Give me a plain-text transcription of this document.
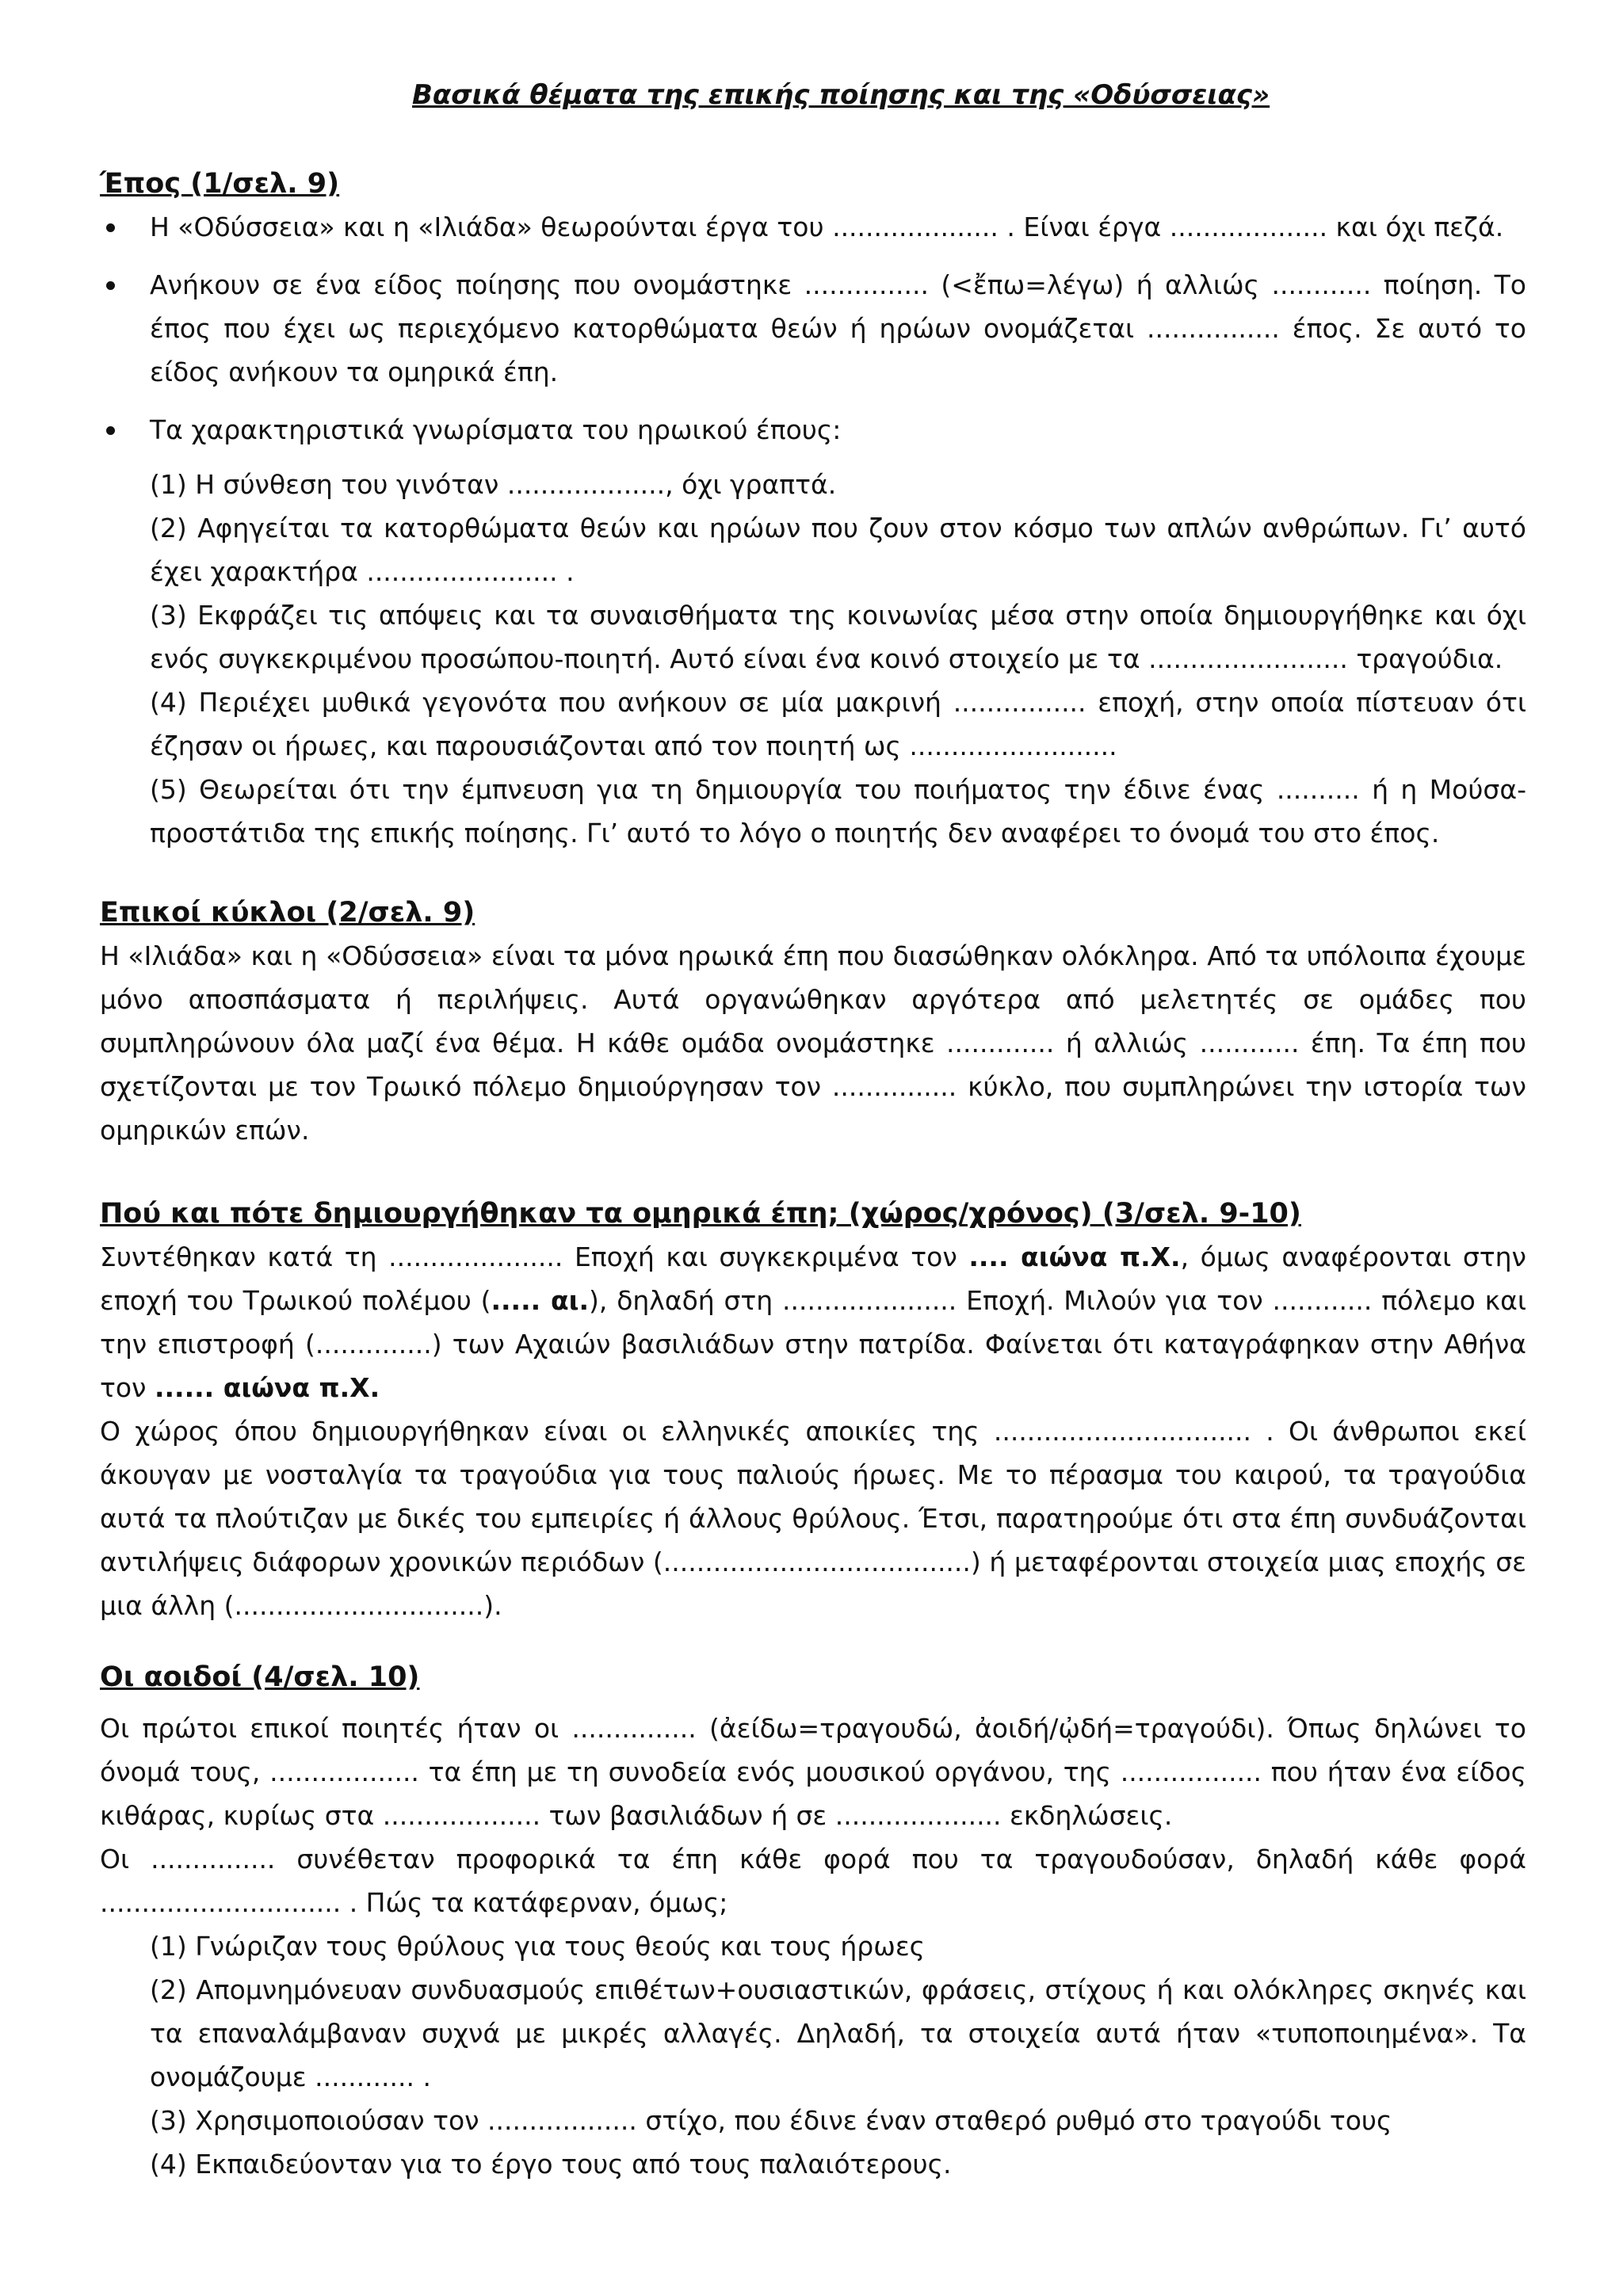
Βασικά θέματα της επικής ποίησης και της «Οδύσσειας»
Έπος (1/σελ. 9)
Η «Οδύσσεια» και η «Ιλιάδα» θεωρούνται έργα του .................... . Είναι έργα ................... και όχι πεζά.
Ανήκουν σε ένα είδος ποίησης που ονομάστηκε ............... (<ἔπω=λέγω) ή αλλιώς ............ ποίηση. Το έπος που έχει ως περιεχόμενο κατορθώματα θεών ή ηρώων ονομάζεται ................ έπος. Σε αυτό το είδος ανήκουν τα ομηρικά έπη.
Τα χαρακτηριστικά γνωρίσματα του ηρωικού έπους:
(1) Η σύνθεση του γινόταν ..................., όχι γραπτά.
(2) Αφηγείται τα κατορθώματα θεών και ηρώων που ζουν στον κόσμο των απλών ανθρώπων. Γι’ αυτό έχει χαρακτήρα ....................... .
(3) Εκφράζει τις απόψεις και τα συναισθήματα της κοινωνίας μέσα στην οποία δημιουργήθηκε και όχι ενός συγκεκριμένου προσώπου-ποιητή. Αυτό είναι ένα κοινό στοιχείο με τα ........................ τραγούδια.
(4) Περιέχει μυθικά γεγονότα που ανήκουν σε μία μακρινή ................ εποχή, στην οποία πίστευαν ότι έζησαν οι ήρωες, και παρουσιάζονται από τον ποιητή ως .........................
(5) Θεωρείται ότι την έμπνευση για τη δημιουργία του ποιήματος την έδινε ένας .......... ή η Μούσα-προστάτιδα της επικής ποίησης. Γι’ αυτό το λόγο ο ποιητής δεν αναφέρει το όνομά του στο έπος.
Επικοί κύκλοι (2/σελ. 9)

Η «Ιλιάδα» και η «Οδύσσεια» είναι τα μόνα ηρωικά έπη που διασώθηκαν ολόκληρα. Από τα υπόλοιπα έχουμε μόνο αποσπάσματα ή περιλήψεις. Αυτά οργανώθηκαν αργότερα από μελετητές σε ομάδες που συμπληρώνουν όλα μαζί ένα θέμα. Η κάθε ομάδα ονομάστηκε ............. ή αλλιώς ............ έπη. Τα έπη που σχετίζονται με τον Τρωικό πόλεμο δημιούργησαν τον ............... κύκλο, που συμπληρώνει την ιστορία των ομηρικών επών.

Πού και πότε δημιουργήθηκαν τα ομηρικά έπη; (χώρος/χρόνος) (3/σελ. 9-10)

Συντέθηκαν κατά τη ..................... Εποχή και συγκεκριμένα τον .... αιώνα π.Χ., όμως αναφέρονται στην εποχή του Τρωικού πολέμου (..... αι.), δηλαδή στη ..................... Εποχή. Μιλούν για τον ............ πόλεμο και την επιστροφή (..............) των Αχαιών βασιλιάδων στην πατρίδα. Φαίνεται ότι καταγράφηκαν στην Αθήνα τον ...... αιώνα π.Χ.

Ο χώρος όπου δημιουργήθηκαν είναι οι ελληνικές αποικίες της ............................... . Οι άνθρωποι εκεί άκουγαν με νοσταλγία τα τραγούδια για τους παλιούς ήρωες. Με το πέρασμα του καιρού, τα τραγούδια αυτά τα πλούτιζαν με δικές του εμπειρίες ή άλλους θρύλους. Έτσι, παρατηρούμε ότι στα έπη συνδυάζονται αντιλήψεις διάφορων χρονικών περιόδων (.....................................) ή μεταφέρονται στοιχεία μιας εποχής σε μια άλλη (..............................).

Οι αοιδοί (4/σελ. 10)

Οι πρώτοι επικοί ποιητές ήταν οι ............... (ἀείδω=τραγουδώ, ἀοιδή/ᾠδή=τραγούδι). Όπως δηλώνει το όνομά τους, .................. τα έπη με τη συνοδεία ενός μουσικού οργάνου, της ................. που ήταν ένα είδος κιθάρας, κυρίως στα ................... των βασιλιάδων ή σε .................... εκδηλώσεις.

Οι ............... συνέθεταν προφορικά τα έπη κάθε φορά που τα τραγουδούσαν, δηλαδή κάθε φορά ............................. . Πώς τα κατάφερναν, όμως;

(1) Γνώριζαν τους θρύλους για τους θεούς και τους ήρωες
(2) Απομνημόνευαν συνδυασμούς επιθέτων+ουσιαστικών, φράσεις, στίχους ή και ολόκληρες σκηνές και τα επαναλάμβαναν συχνά με μικρές αλλαγές. Δηλαδή, τα στοιχεία αυτά ήταν «τυποποιημένα». Τα ονομάζουμε ............ .
(3) Χρησιμοποιούσαν τον .................. στίχο, που έδινε έναν σταθερό ρυθμό στο τραγούδι τους
(4) Εκπαιδεύονταν για το έργο τους από τους παλαιότερους.
